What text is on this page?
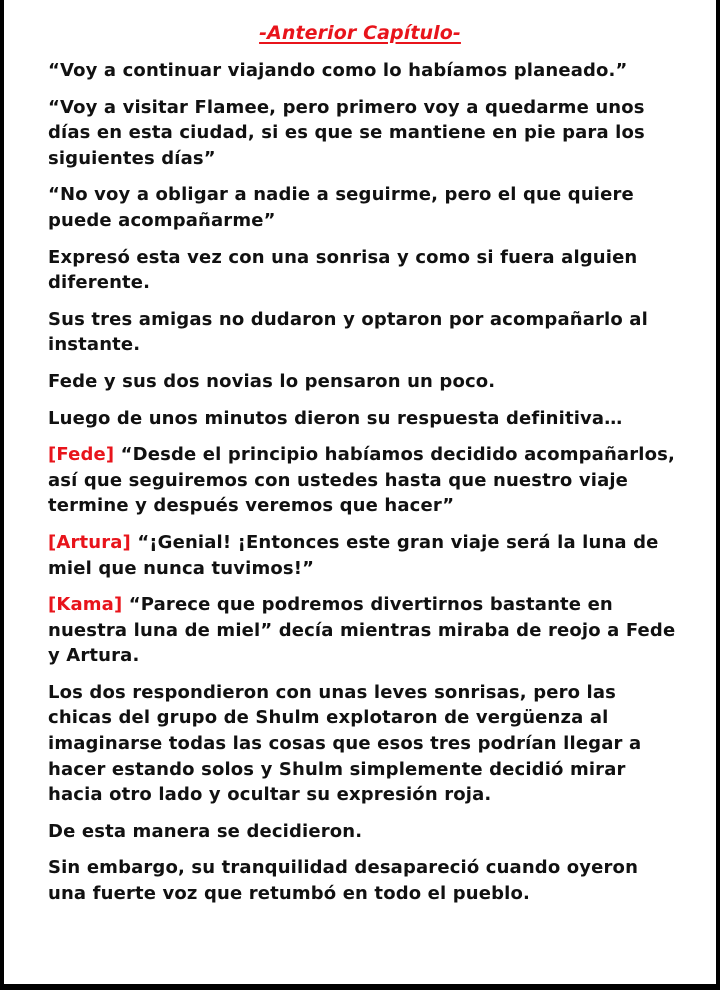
-Anterior Capítulo-

“Voy a continuar viajando como lo habíamos planeado.”

“Voy a visitar Flamee, pero primero voy a quedarme unos días en esta ciudad, si es que se mantiene en pie para los siguientes días”

“No voy a obligar a nadie a seguirme, pero el que quiere puede acompañarme”

Expresó esta vez con una sonrisa y como si fuera alguien diferente.

Sus tres amigas no dudaron y optaron por acompañarlo al instante.

Fede y sus dos novias lo pensaron un poco.

Luego de unos minutos dieron su respuesta definitiva…

[Fede] “Desde el principio habíamos decidido acompañarlos, así que seguiremos con ustedes hasta que nuestro viaje termine y después veremos que hacer”

[Artura] “¡Genial! ¡Entonces este gran viaje será la luna de miel que nunca tuvimos!”

[Kama] “Parece que podremos divertirnos bastante en nuestra luna de miel” decía mientras miraba de reojo a Fede y Artura.

Los dos respondieron con unas leves sonrisas, pero las chicas del grupo de Shulm explotaron de vergüenza al imaginarse todas las cosas que esos tres podrían llegar a hacer estando solos y Shulm simplemente decidió mirar hacia otro lado y ocultar su expresión roja.

De esta manera se decidieron.

Sin embargo, su tranquilidad desapareció cuando oyeron una fuerte voz que retumbó en todo el pueblo.
